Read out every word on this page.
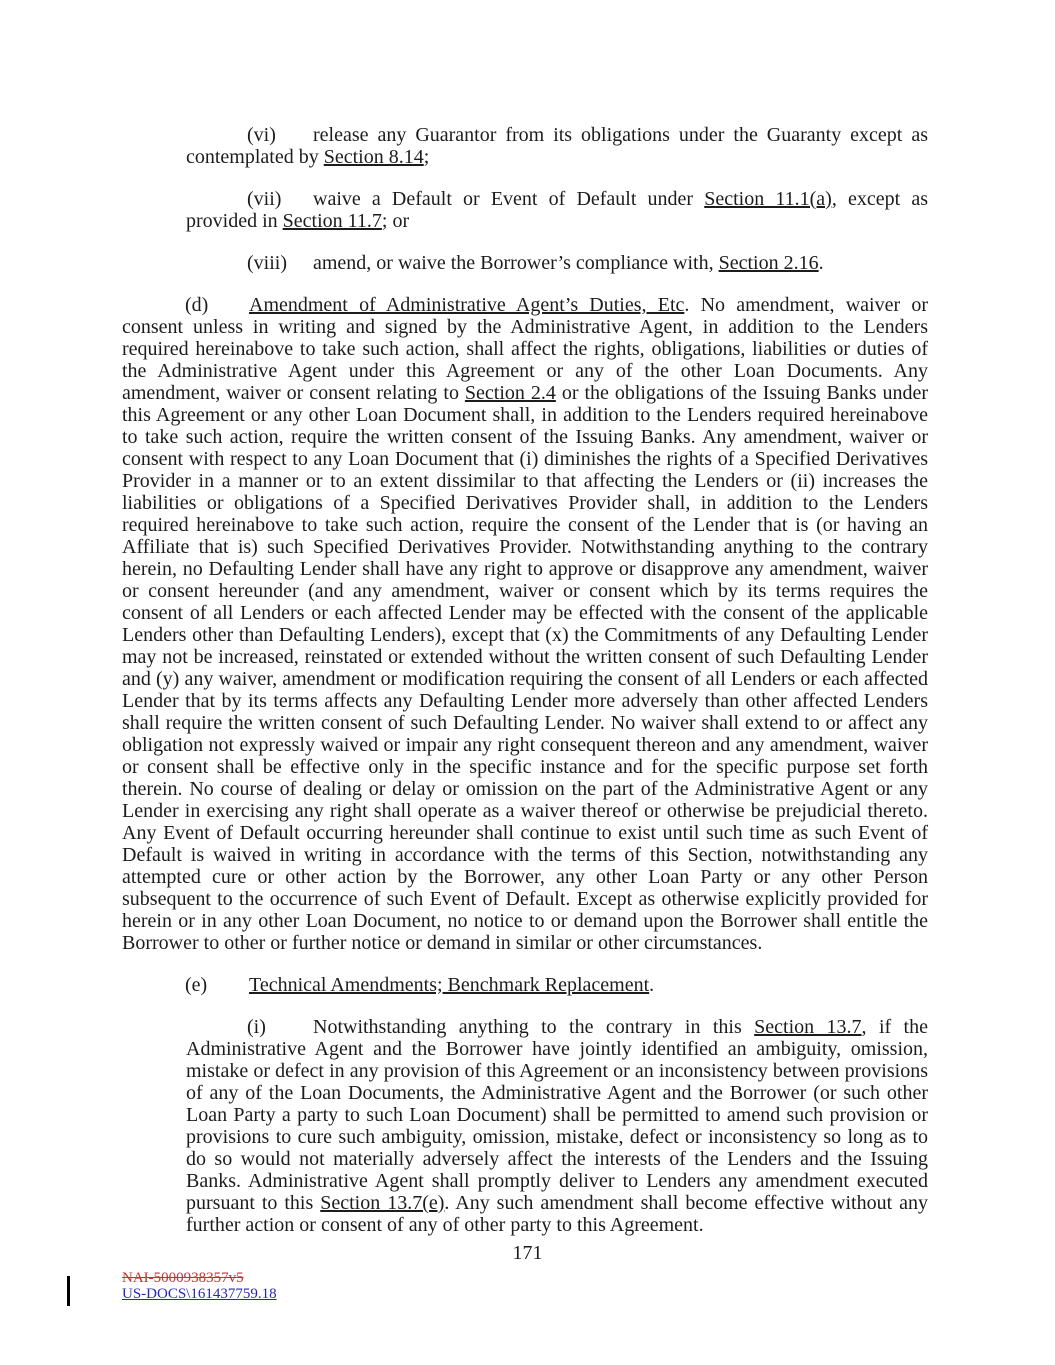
(vi) release any Guarantor from its obligations under the Guaranty except as contemplated by Section 8.14;

(vii) waive a Default or Event of Default under Section 11.1(a), except as provided in Section 11.7; or

(viii) amend, or waive the Borrower’s compliance with, Section 2.16.

(d) Amendment of Administrative Agent’s Duties, Etc. No amendment, waiver or consent unless in writing and signed by the Administrative Agent, in addition to the Lenders required hereinabove to take such action, shall affect the rights, obligations, liabilities or duties of the Administrative Agent under this Agreement or any of the other Loan Documents. Any amendment, waiver or consent relating to Section 2.4 or the obligations of the Issuing Banks under this Agreement or any other Loan Document shall, in addition to the Lenders required hereinabove to take such action, require the written consent of the Issuing Banks. Any amendment, waiver or consent with respect to any Loan Document that (i) diminishes the rights of a Specified Derivatives Provider in a manner or to an extent dissimilar to that affecting the Lenders or (ii) increases the liabilities or obligations of a Specified Derivatives Provider shall, in addition to the Lenders required hereinabove to take such action, require the consent of the Lender that is (or having an Affiliate that is) such Specified Derivatives Provider. Notwithstanding anything to the contrary herein, no Defaulting Lender shall have any right to approve or disapprove any amendment, waiver or consent hereunder (and any amendment, waiver or consent which by its terms requires the consent of all Lenders or each affected Lender may be effected with the consent of the applicable Lenders other than Defaulting Lenders), except that (x) the Commitments of any Defaulting Lender may not be increased, reinstated or extended without the written consent of such Defaulting Lender and (y) any waiver, amendment or modification requiring the consent of all Lenders or each affected Lender that by its terms affects any Defaulting Lender more adversely than other affected Lenders shall require the written consent of such Defaulting Lender. No waiver shall extend to or affect any obligation not expressly waived or impair any right consequent thereon and any amendment, waiver or consent shall be effective only in the specific instance and for the specific purpose set forth therein. No course of dealing or delay or omission on the part of the Administrative Agent or any Lender in exercising any right shall operate as a waiver thereof or otherwise be prejudicial thereto. Any Event of Default occurring hereunder shall continue to exist until such time as such Event of Default is waived in writing in accordance with the terms of this Section, notwithstanding any attempted cure or other action by the Borrower, any other Loan Party or any other Person subsequent to the occurrence of such Event of Default. Except as otherwise explicitly provided for herein or in any other Loan Document, no notice to or demand upon the Borrower shall entitle the Borrower to other or further notice or demand in similar or other circumstances.

(e) Technical Amendments; Benchmark Replacement.

(i) Notwithstanding anything to the contrary in this Section 13.7, if the Administrative Agent and the Borrower have jointly identified an ambiguity, omission, mistake or defect in any provision of this Agreement or an inconsistency between provisions of any of the Loan Documents, the Administrative Agent and the Borrower (or such other Loan Party a party to such Loan Document) shall be permitted to amend such provision or provisions to cure such ambiguity, omission, mistake, defect or inconsistency so long as to do so would not materially adversely affect the interests of the Lenders and the Issuing Banks. Administrative Agent shall promptly deliver to Lenders any amendment executed pursuant to this Section 13.7(e). Any such amendment shall become effective without any further action or consent of any of other party to this Agreement.

171
NAI-5000938357v5
US-DOCS\161437759.18
